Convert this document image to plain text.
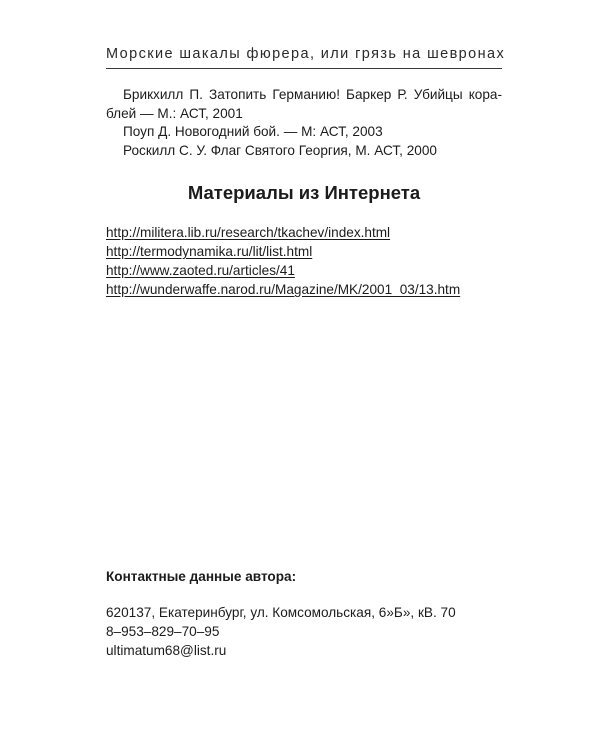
Морские шакалы фюрера, или грязь на шевронах

Брикхилл П. Затопить Германию! Баркер Р. Убийцы кора- блей — М.: АСТ, 2001

Поуп Д. Новогодний бой. — М: АСТ, 2003

Роскилл С. У. Флаг Святого Георгия, М. АСТ, 2000

Материалы из Интернета
http://militera.lib.ru/research/tkachev/index.html
http://termodynamika.ru/lit/list.html
http://www.zaoted.ru/articles/41
http://wunderwaffe.narod.ru/Magazine/MK/2001_03/13.htm
Контактные данные автора:
620137, Екатеринбург, ул. Комсомольская, 6»Б», кВ. 70
8–953–829–70–95
ultimatum68@list.ru
